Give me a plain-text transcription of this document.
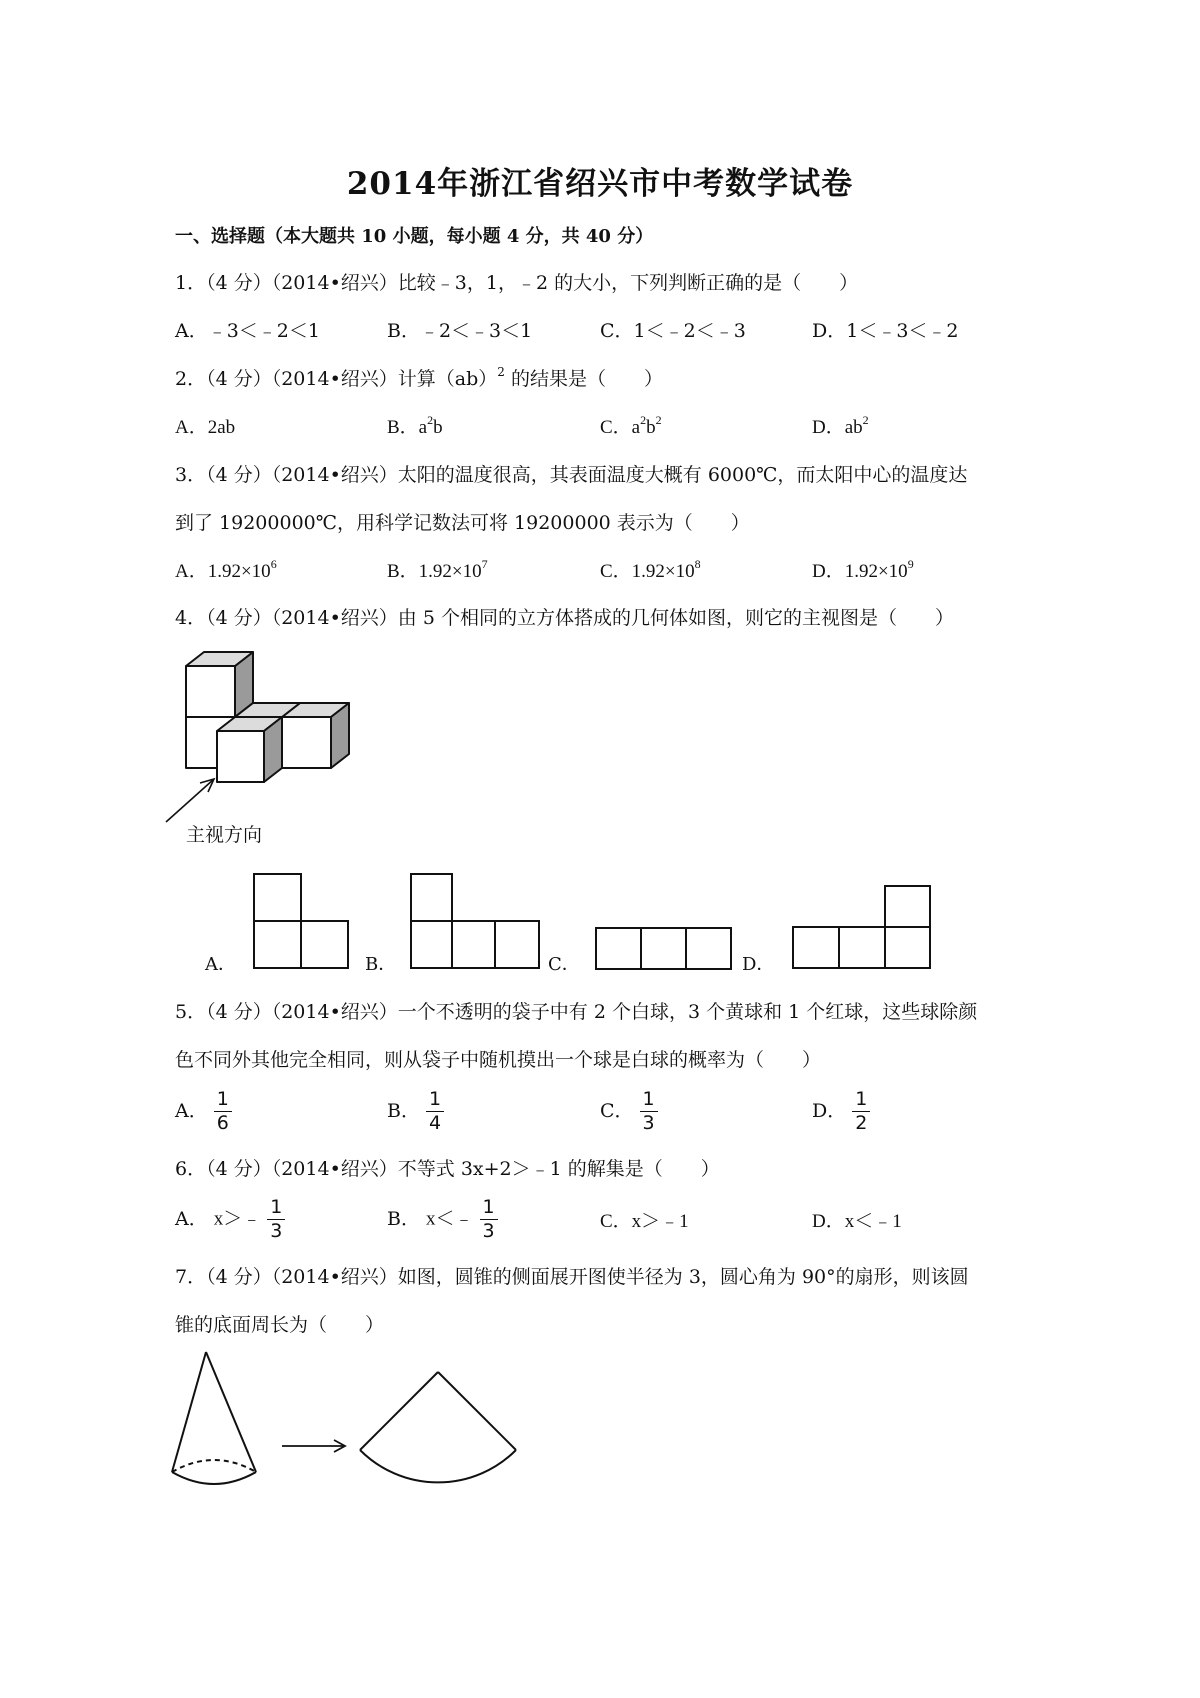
2014年浙江省绍兴市中考数学试卷
一、选择题（本大题共 10 小题，每小题 4 分，共 40 分）
1．（4 分）（2014•绍兴）比较﹣3，1，﹣2 的大小，下列判断正确的是（　　）
A．﹣3＜﹣2＜1	B．﹣2＜﹣3＜1	C．1＜﹣2＜﹣3	D．1＜﹣3＜﹣2
2．（4 分）（2014•绍兴）计算（ab）$^2$ 的结果是（　　）
A．2ab	B．$a^2b$	C．$a^2b^2$	D．$ab^2$
3．（4 分）（2014•绍兴）太阳的温度很高，其表面温度大概有 6000℃，而太阳中心的温度达
到了 19200000℃，用科学记数法可将 19200000 表示为（　　）
A．$1.92\times 10^6$	B．$1.92\times 10^7$	C．$1.92\times 10^8$	D．$1.92\times 10^9$
4．（4 分）（2014•绍兴）由 5 个相同的立方体搭成的几何体如图，则它的主视图是（　　）
主视方向
A．	B．	C．	D．
5．（4 分）（2014•绍兴）一个不透明的袋子中有 2 个白球，3 个黄球和 1 个红球，这些球除颜
色不同外其他完全相同，则从袋子中随机摸出一个球是白球的概率为（　　）
A． $\frac{1}{6}$	B． $\frac{1}{4}$	C． $\frac{1}{3}$	D． $\frac{1}{2}$
6．（4 分）（2014•绍兴）不等式 3x+2＞﹣1 的解集是（　　）
A． x＞﹣ $\frac{1}{3}$	B． x＜﹣ $\frac{1}{3}$	C．x＞﹣1	D．x＜﹣1
7．（4 分）（2014•绍兴）如图，圆锥的侧面展开图使半径为 3，圆心角为 90°的扇形，则该圆
锥的底面周长为（　　）
